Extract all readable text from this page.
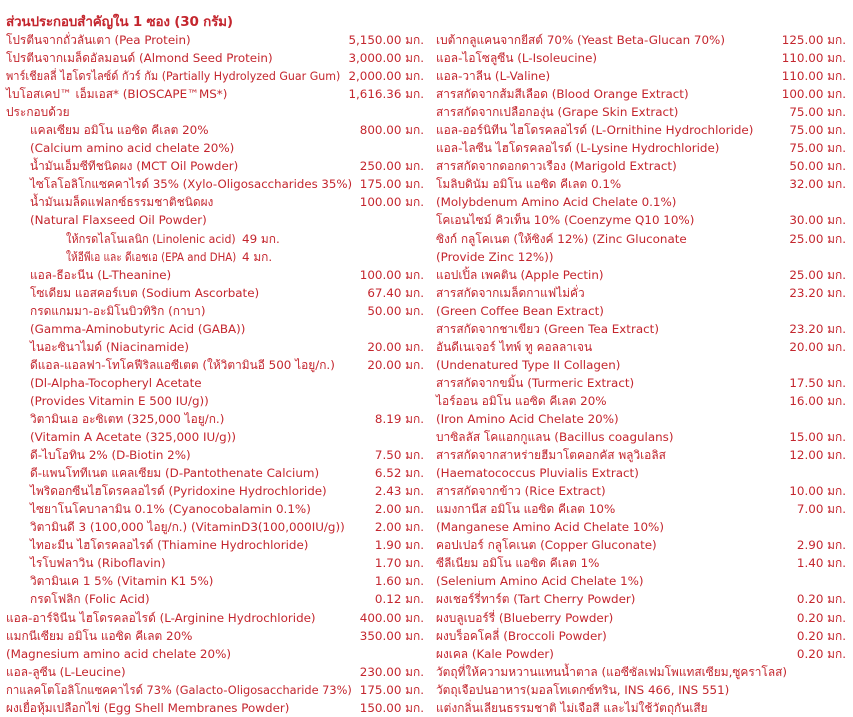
ส่วนประกอบสำคัญใน 1 ซอง (30 กรัม)
โปรตีนจากถั่วลันเตา (Pea Protein)	5,150.00 มก.
โปรตีนจากเมล็ดอัลมอนด์ (Almond Seed Protein)	3,000.00 มก.
พาร์เชียลลี่ ไฮโดรไลซ์ด์ กัวร์ กัม (Partially Hydrolyzed Guar Gum) 2,000.00 มก.
ไบโอสเคป™ เอ็มเอส* (BIOSCAPE™MS*)	1,616.36 มก.
ประกอบด้วย
แคลเซียม อมิโน แอซิด คีเลต 20%	800.00 มก.
(Calcium amino acid chelate 20%)
น้ำมันเอ็มซีทีชนิดผง (MCT Oil Powder)	250.00 มก.
ไซโลโอลิโกแซคคาไรด์ 35% (Xylo-Oligosaccharides 35%) 175.00 มก.
น้ำมันเมล็ดแฟลกซ์ธรรมชาติชนิดผง	100.00 มก.
(Natural Flaxseed Oil Powder)
ให้กรดไลโนเลนิก (Linolenic acid) 49 มก.
ให้อีพีเอ และ ดีเอชเอ (EPA and DHA) 4 มก.
แอล-ธีอะนีน (L-Theanine)	100.00 มก.
โซเดียม แอสคอร์เบต (Sodium Ascorbate)	67.40 มก.
กรดแกมมา-อะมิโนบิวทิริก (กาบา)	50.00 มก.
(Gamma-Aminobutyric Acid (GABA))
ไนอะซินาไมด์ (Niacinamide)	20.00 มก.
ดีแอล-แอลฟา-โทโคฟีริลแอซีเตต (ให้วิตามินอี 500 ไอยู/ก.)	20.00 มก.
(Dl-Alpha-Tocopheryl Acetate
(Provides Vitamin E 500 IU/g))
วิตามินเอ อะซิเตท (325,000 ไอยู/ก.)	8.19 มก.
(Vitamin A Acetate (325,000 IU/g))
ดี-ไบโอทิน 2% (D-Biotin 2%)	7.50 มก.
ดี-แพนโททีเนต แคลเซียม (D-Pantothenate Calcium)	6.52 มก.
ไพริดอกซีนไฮโดรคลอไรด์ (Pyridoxine Hydrochloride)	2.43 มก.
ไซยาโนโคบาลามิน 0.1% (Cyanocobalamin 0.1%)	2.00 มก.
วิตามินดี 3 (100,000 ไอยู/ก.) (VitaminD3(100,000IU/g))	2.00 มก.
ไทอะมีน ไฮโดรคลอไรด์ (Thiamine Hydrochloride)	1.90 มก.
ไรโบฟลาวิน (Riboflavin)	1.70 มก.
วิตามินเค 1 5% (Vitamin K1 5%)	1.60 มก.
กรดโฟลิก (Folic Acid)	0.12 มก.
แอล-อาร์จินีน ไฮโดรคลอไรด์ (L-Arginine Hydrochloride)	400.00 มก.
แมกนีเซียม อมิโน แอซิด คีเลต 20%	350.00 มก.
(Magnesium amino acid chelate 20%)
แอล-ลูซีน (L-Leucine)	230.00 มก.
กาแลคโตโอลิโกแซคคาไรด์ 73% (Galacto-Oligosaccharide 73%) 175.00 มก.
ผงเยื่อหุ้มเปลือกไข่ (Egg Shell Membranes Powder)	150.00 มก.
เบต้ากลูแคนจากยีสต์ 70% (Yeast Beta-Glucan 70%)	125.00 มก.
แอล-ไอโซลูซีน (L-Isoleucine)	110.00 มก.
แอล-วาลีน (L-Valine)	110.00 มก.
สารสกัดจากส้มสีเลือด (Blood Orange Extract)	100.00 มก.
สารสกัดจากเปลือกองุ่น (Grape Skin Extract)	75.00 มก.
แอล-ออร์นิทีน ไฮโดรคลอไรด์ (L-Ornithine Hydrochloride)	75.00 มก.
แอล-ไลซีน ไฮโดรคลอไรด์ (L-Lysine Hydrochloride)	75.00 มก.
สารสกัดจากดอกดาวเรือง (Marigold Extract)	50.00 มก.
โมลิบดินัม อมิโน แอซิด คีเลต 0.1%	32.00 มก.
(Molybdenum Amino Acid Chelate 0.1%)
โคเอนไซม์ คิวเท็น 10% (Coenzyme Q10 10%)	30.00 มก.
ซิงก์ กลูโคเนต (ให้ซิงค์ 12%) (Zinc Gluconate	25.00 มก.
(Provide Zinc 12%))
แอปเปิ้ล เพคติน (Apple Pectin)	25.00 มก.
สารสกัดจากเมล็ดกาแฟไม่คั่ว	23.20 มก.
(Green Coffee Bean Extract)
สารสกัดจากชาเขียว (Green Tea Extract)	23.20 มก.
อันดีเนเจอร์ ไทพ์ ทู คอลลาเจน	20.00 มก.
(Undenatured Type II Collagen)
สารสกัดจากขมิ้น (Turmeric Extract)	17.50 มก.
ไอร์ออน อมิโน แอซิด คีเลต 20%	16.00 มก.
(Iron Amino Acid Chelate 20%)
บาซิลลัส โคแอกกูแลน (Bacillus coagulans)	15.00 มก.
สารสกัดจากสาหร่ายฮีมาโตคอกคัส พลูวิเอลิส	12.00 มก.
(Haematococcus Pluvialis Extract)
สารสกัดจากข้าว (Rice Extract)	10.00 มก.
แมงกานีส อมิโน แอซิด คีเลต 10%	7.00 มก.
(Manganese Amino Acid Chelate 10%)
คอปเปอร์ กลูโคเนต (Copper Gluconate)	2.90 มก.
ซีลีเนียม อมิโน แอซิด คีเลต 1%	1.40 มก.
(Selenium Amino Acid Chelate 1%)
ผงเชอร์รี่ทาร์ต (Tart Cherry Powder)	0.20 มก.
ผงบลูเบอร์รี่ (Blueberry Powder)	0.20 มก.
ผงบร็อคโคลี่ (Broccoli Powder)	0.20 มก.
ผงเคล (Kale Powder)	0.20 มก.
วัตถุที่ให้ความหวานแทนน้ำตาล (แอซีซัลเฟมโพแทสเซียม,ซูคราโลส)
วัตถุเจือปนอาหาร(มอลโทเดกซ์ทริน, INS 466, INS 551)
แต่งกลิ่นเลียนธรรมชาติ ไม่เจือสี และไม่ใช้วัตถุกันเสีย
